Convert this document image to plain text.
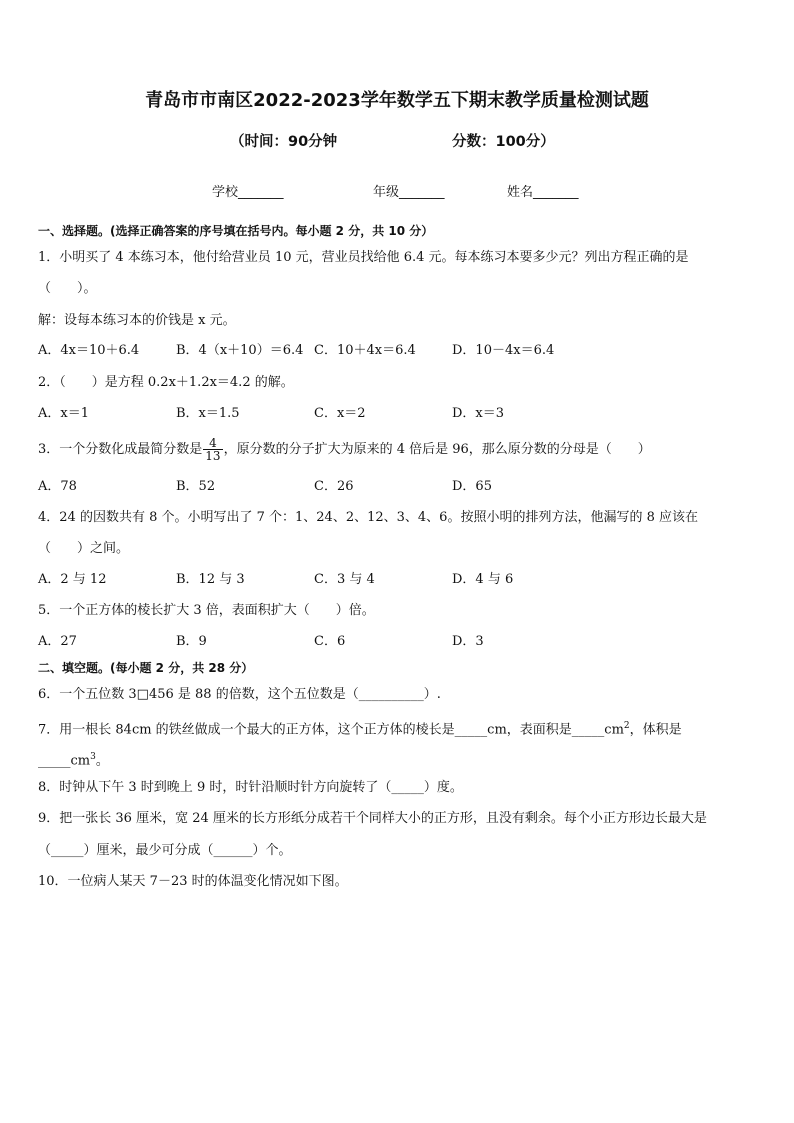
青岛市市南区2022-2023学年数学五下期末教学质量检测试题
（时间：90分钟	分数：100分）
学校_______	年级_______	姓名_______
一、选择题。(选择正确答案的序号填在括号内。每小题 2 分，共 10 分）
1．小明买了 4 本练习本，他付给营业员 10 元，营业员找给他 6.4 元。每本练习本要多少元？列出方程正确的是
（　　）。
解：设每本练习本的价钱是 x 元。
A．4x＝10＋6.4	B．4（x＋10）＝6.4 C．10＋4x＝6.4	D．10－4x＝6.4
2．（　　）是方程 0.2x＋1.2x＝4.2 的解。
A．x＝1	B．x＝1.5	C．x＝2	D．x＝3
3．一个分数化成最简分数是 $\frac{4}{13}$ ，原分数的分子扩大为原来的 4 倍后是 96，那么原分数的分母是（　　）
A．78	B．52	C．26	D．65
4．24 的因数共有 8 个。小明写出了 7 个：1、24、2、12、3、4、6。按照小明的排列方法，他漏写的 8 应该在
（　　）之间。
A．2 与 12	B．12 与 3	C．3 与 4	D．4 与 6
5．一个正方体的棱长扩大 3 倍，表面积扩大（　　）倍。
A．27	B．9	C．6	D．3
二、填空题。(每小题 2 分，共 28 分）
6．一个五位数 3□456 是 88 的倍数，这个五位数是（__________）.
7．用一根长 84cm 的铁丝做成一个最大的正方体，这个正方体的棱长是_____cm，表面积是$\_\_\_\_\_cm^2$，体积是
$\_\_\_\_\_cm^3$。
8．时钟从下午 3 时到晚上 9 时，时针沿顺时针方向旋转了（_____）度。
9．把一张长 36 厘米，宽 24 厘米的长方形纸分成若干个同样大小的正方形，且没有剩余。每个小正方形边长最大是
（_____）厘米，最少可分成（______）个。
10．一位病人某天 7－23 时的体温变化情况如下图。
